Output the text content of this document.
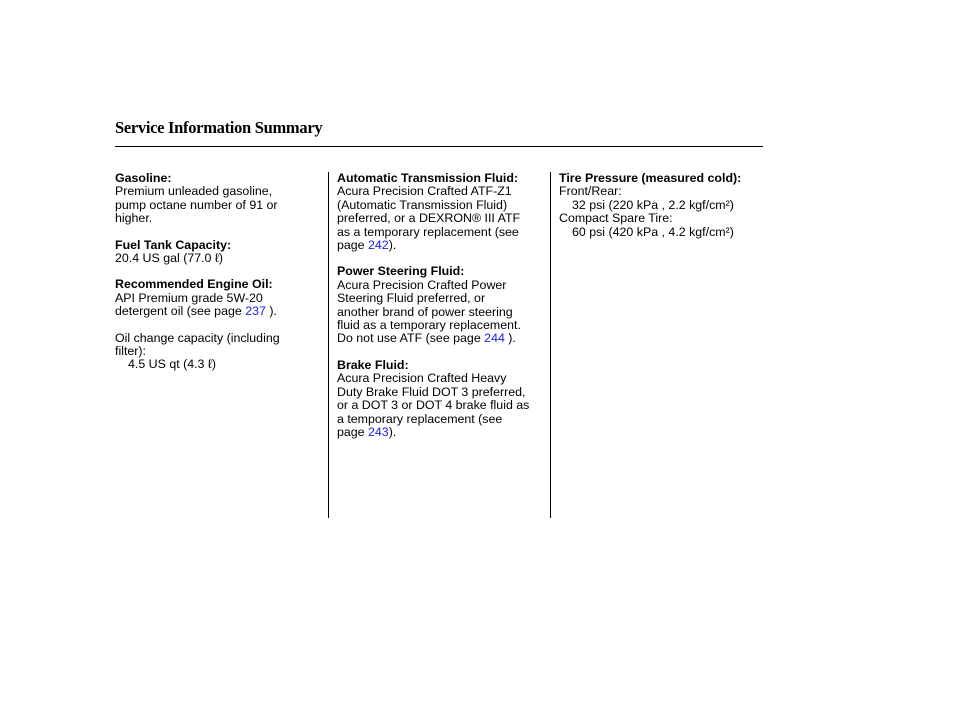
Service Information Summary
Gasoline:
Premium unleaded gasoline,
pump octane number of 91 or
higher.
Fuel Tank Capacity:
20.4 US gal (77.0 ℓ)
Recommended Engine Oil:
API Premium grade 5W-20
detergent oil (see page 237 ).
Oil change capacity (including
filter):
4.5 US qt (4.3 ℓ)
Automatic Transmission Fluid:
Acura Precision Crafted ATF-Z1
(Automatic Transmission Fluid)
preferred, or a DEXRON® III ATF
as a temporary replacement (see
page 242).
Power Steering Fluid:
Acura Precision Crafted Power
Steering Fluid preferred, or
another brand of power steering
fluid as a temporary replacement.
Do not use ATF (see page 244 ).
Brake Fluid:
Acura Precision Crafted Heavy
Duty Brake Fluid DOT 3 preferred,
or a DOT 3 or DOT 4 brake fluid as
a temporary replacement (see
page 243).
Tire Pressure (measured cold):
Front/Rear:
32 psi (220 kPa , 2.2 kgf/cm²)
Compact Spare Tire:
60 psi (420 kPa , 4.2 kgf/cm²)
